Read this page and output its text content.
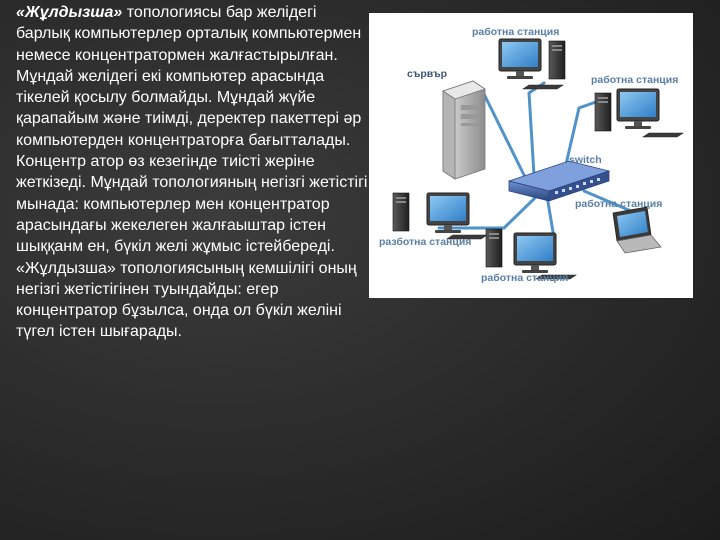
«Жұлдызша» топологиясы бар желідегі барлық компьютерлер орталық компьютермен немесе концентратормен жалғастырылған. Мұндай желідегі екі компьютер арасында тікелей қосылу болмайды. Мұндай жүйе қарапайым және тиімді, деректер пакеттері әр компьютерден концентраторға бағытталады. Концентр атор өз кезегінде тиісті жеріне жеткізеді. Мұндай топологияның негізгі жетістігі мынада: компьютерлер мен концентратор арасындағы жекелеген жалғаыштар істен шыққанм ен, бүкіл желі жұмыс істейбереді. «Жұлдызша» топологиясының кемшілігі оның негізгі жетістігінен туындайды: егер концентратор бұзылса, онда ол бүкіл желіні түгел істен шығарады.

работна станция
сървър	работна станция
switch
работна станция
разботна станция
работна станция
